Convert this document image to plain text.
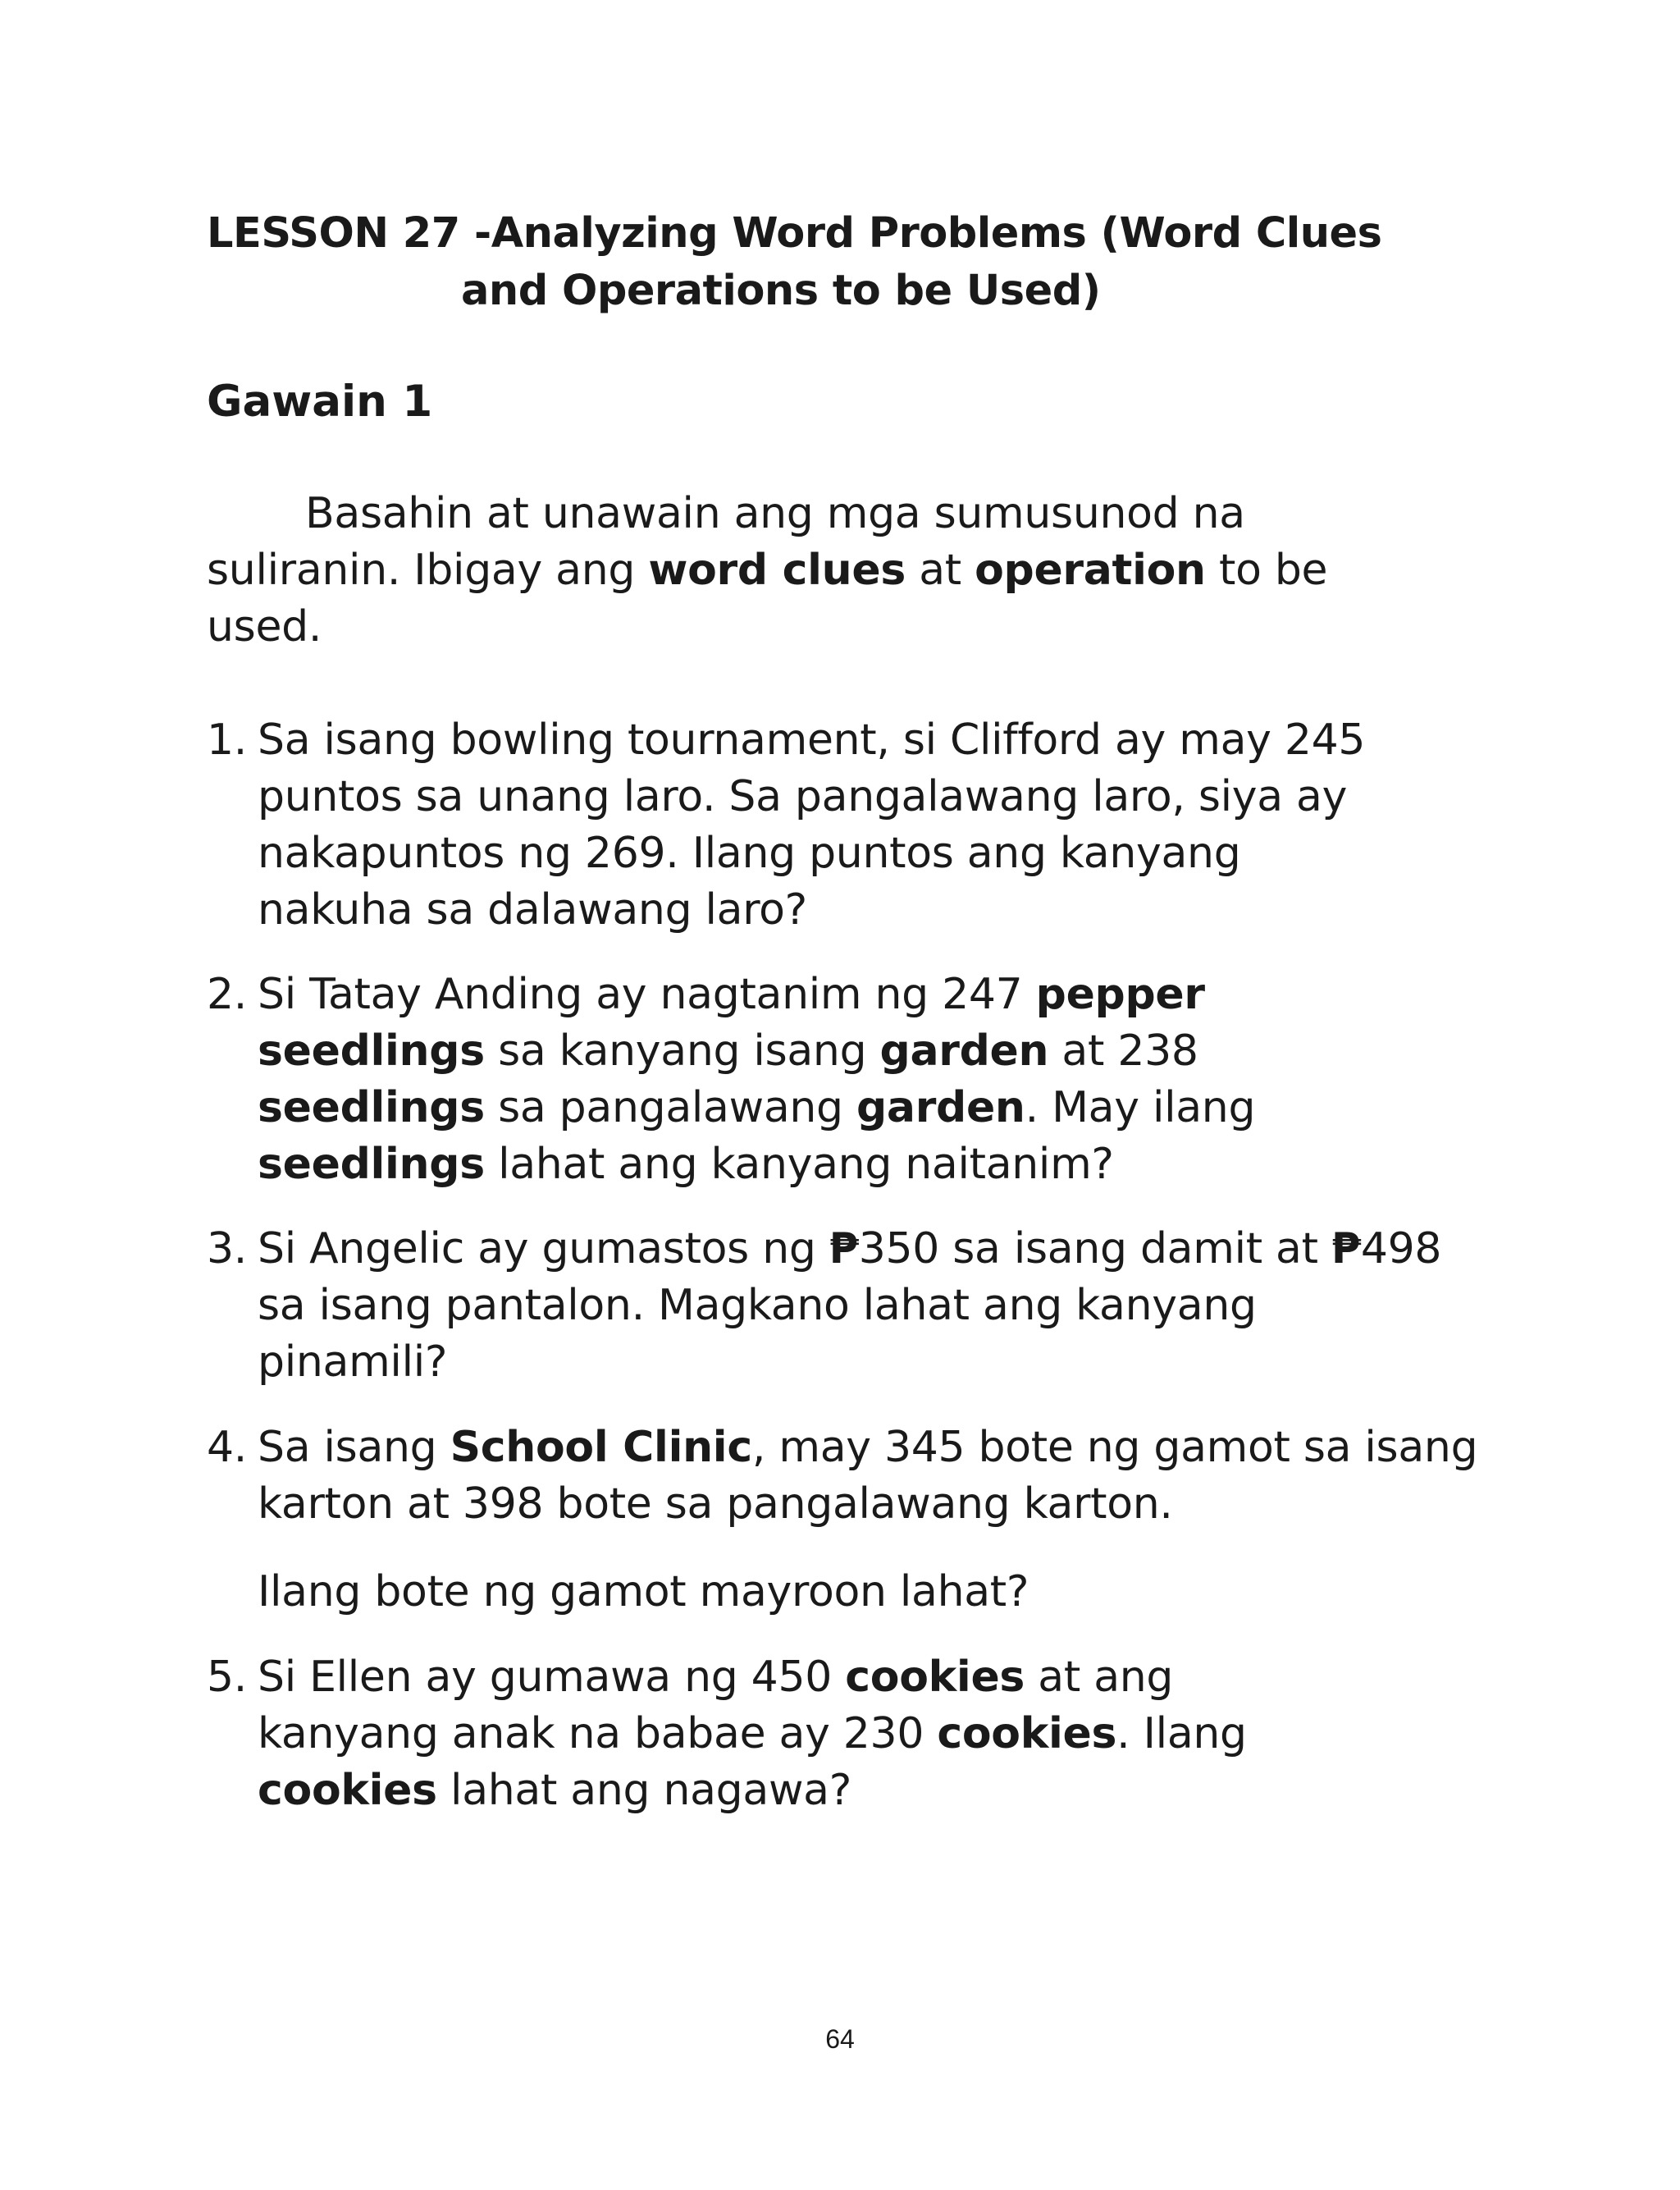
LESSON 27 -Analyzing Word Problems (Word Clues
and Operations to be Used)
Gawain 1
Basahin at unawain ang mga sumusunod na suliranin. Ibigay ang word clues at operation to be used.
1. Sa isang bowling tournament, si Clifford ay may 245 puntos sa unang laro. Sa pangalawang laro, siya ay nakapuntos ng 269. Ilang puntos ang kanyang nakuha sa dalawang laro?
2. Si Tatay Anding ay nagtanim ng 247 pepper seedlings sa kanyang isang garden at 238 seedlings sa pangalawang garden. May ilang seedlings lahat ang kanyang naitanim?
3. Si Angelic ay gumastos ng ₱350 sa isang damit at ₱498 sa isang pantalon. Magkano lahat ang kanyang pinamili?
4. Sa isang School Clinic, may 345 bote ng gamot sa isang karton at 398 bote sa pangalawang karton.
Ilang bote ng gamot mayroon lahat?
5. Si Ellen ay gumawa ng 450 cookies at ang kanyang anak na babae ay 230 cookies. Ilang cookies lahat ang nagawa?
64
